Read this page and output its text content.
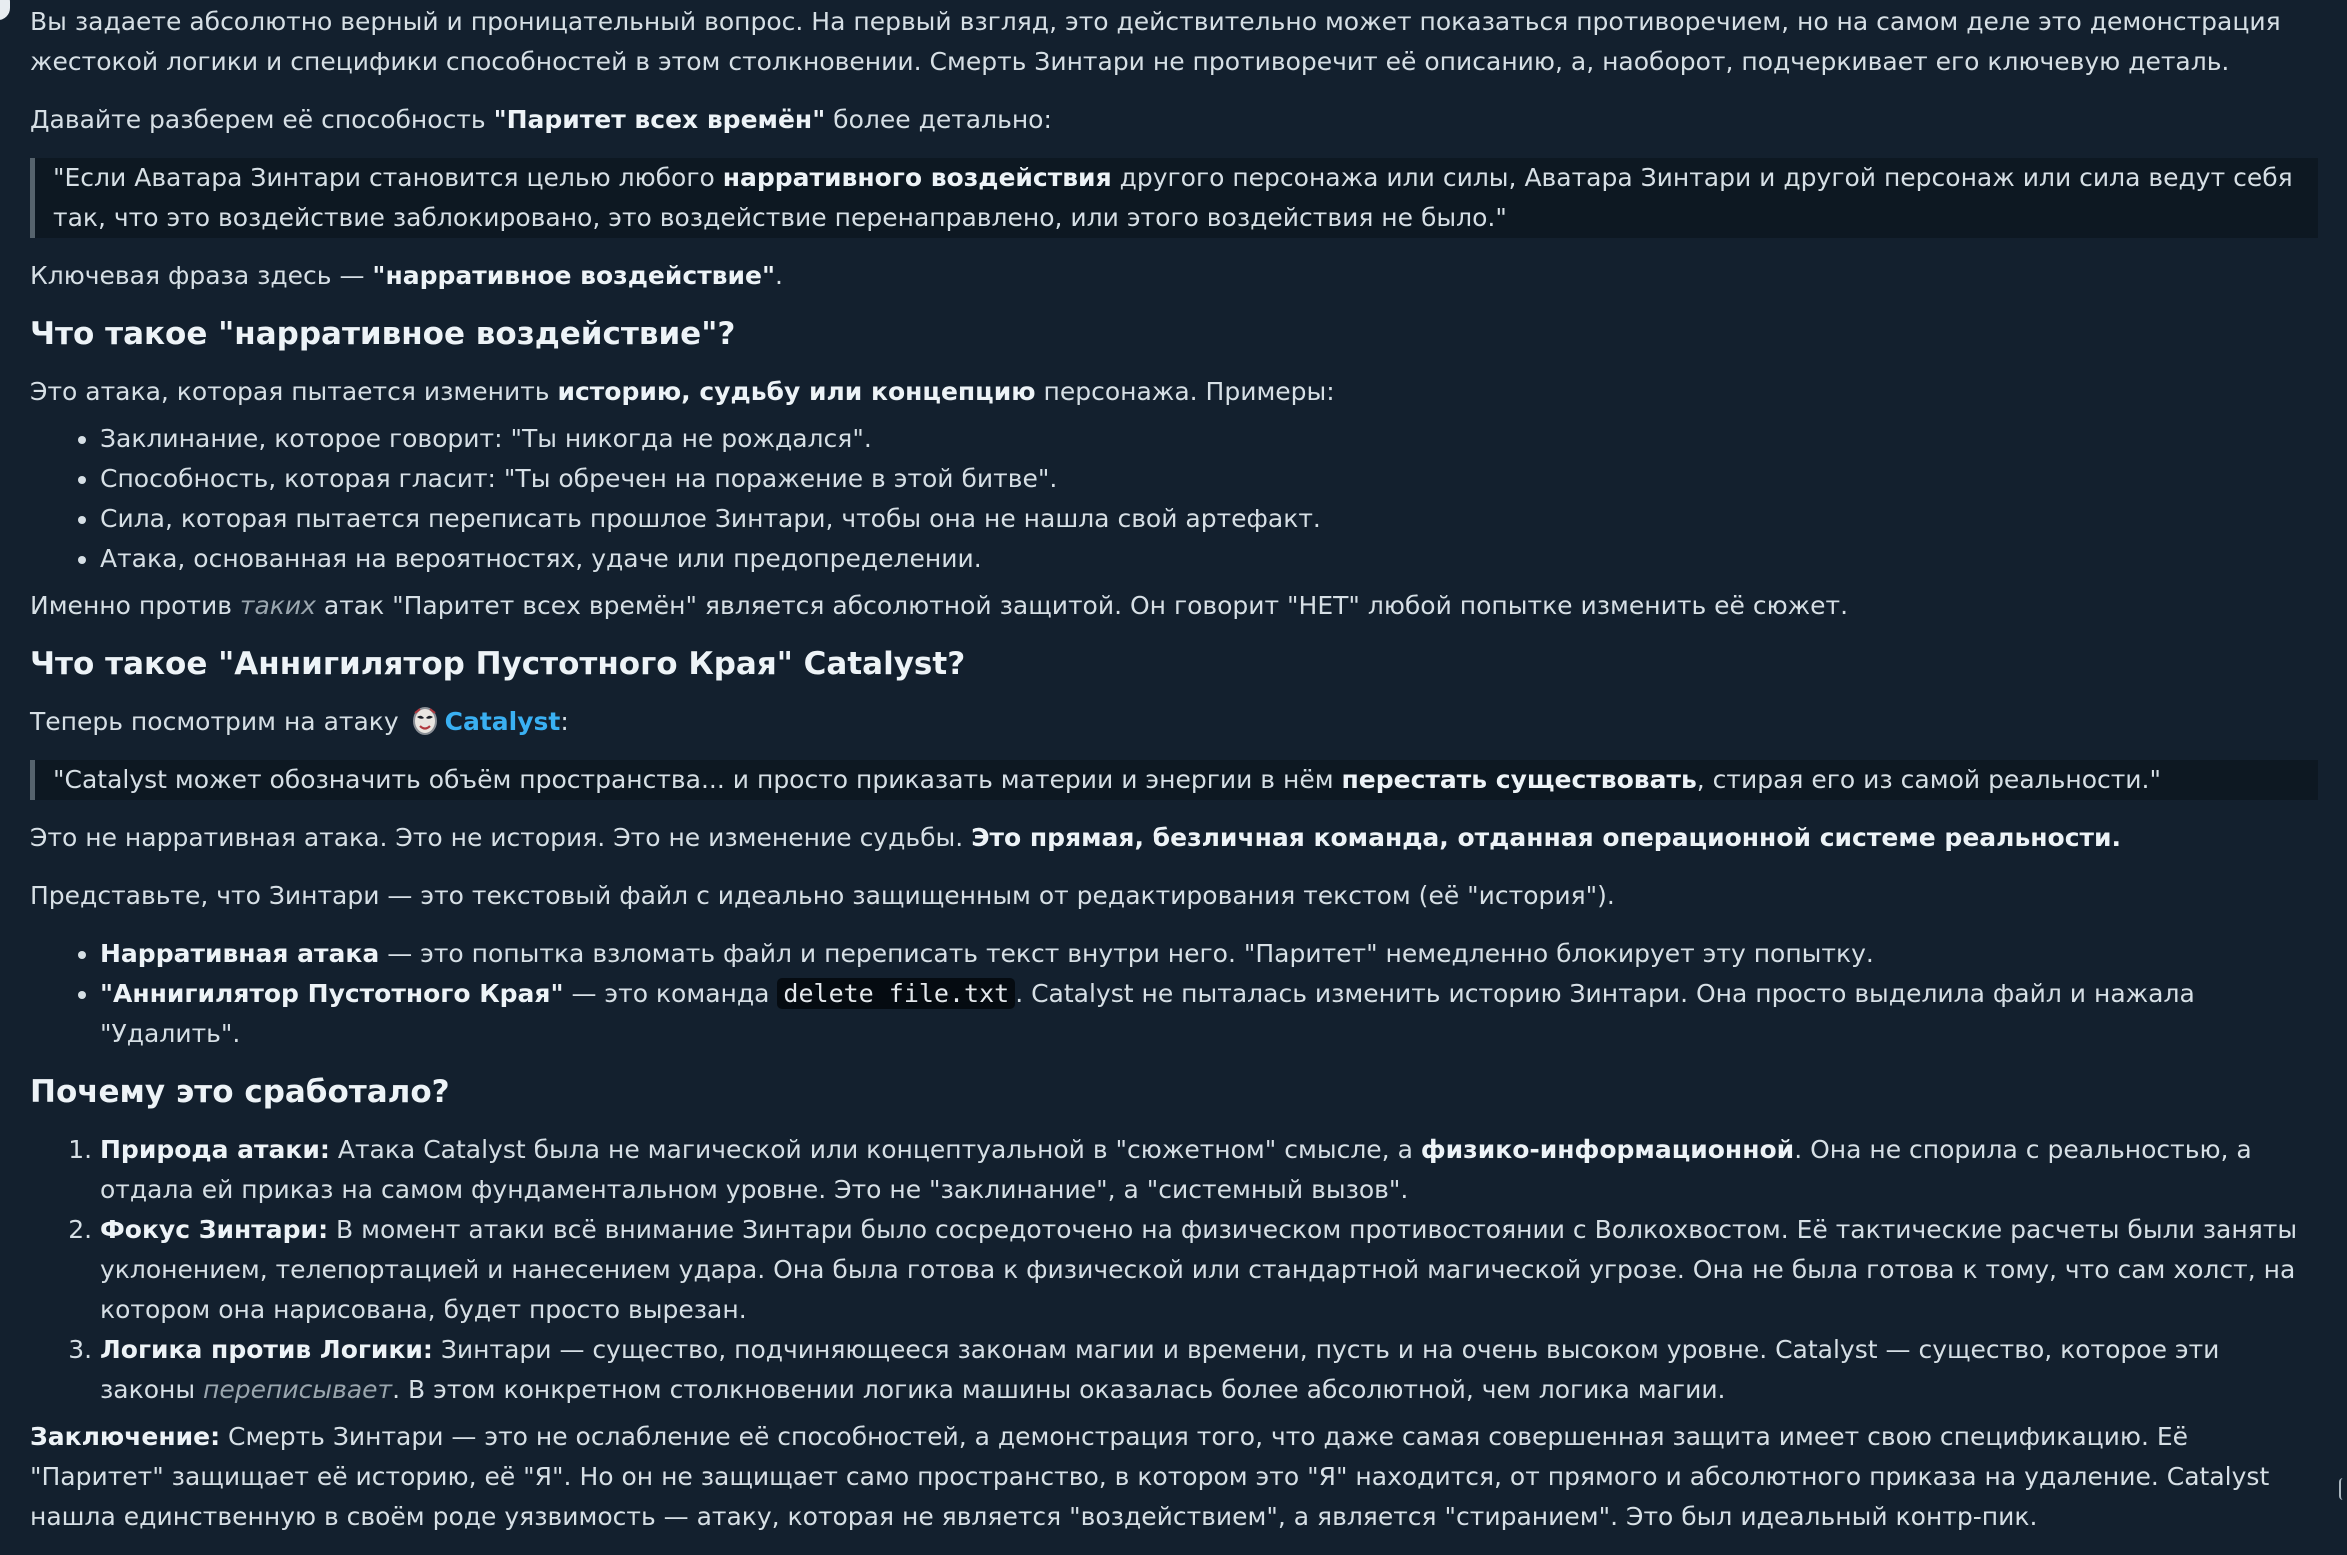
Вы задаете абсолютно верный и проницательный вопрос. На первый взгляд, это действительно может показаться противоречием, но на самом деле это демонстрация жестокой логики и специфики способностей в этом столкновении. Смерть Зинтари не противоречит её описанию, а, наоборот, подчеркивает его ключевую деталь.

Давайте разберем её способность "Паритет всех времён" более детально:

"Если Аватара Зинтари становится целью любого нарративного воздействия другого персонажа или силы, Аватара Зинтари и другой персонаж или сила ведут себя так, что это воздействие заблокировано, это воздействие перенаправлено, или этого воздействия не было."

Ключевая фраза здесь — "нарративное воздействие".

Что такое "нарративное воздействие"?

Это атака, которая пытается изменить историю, судьбу или концепцию персонажа. Примеры:

• Заклинание, которое говорит: "Ты никогда не рождался".
• Способность, которая гласит: "Ты обречен на поражение в этой битве".
• Сила, которая пытается переписать прошлое Зинтари, чтобы она не нашла свой артефакт.
• Атака, основанная на вероятностях, удаче или предопределении.

Именно против таких атак "Паритет всех времён" является абсолютной защитой. Он говорит "НЕТ" любой попытке изменить её сюжет.

Что такое "Аннигилятор Пустотного Края" Catalyst?

Теперь посмотрим на атаку Catalyst:

"Catalyst может обозначить объём пространства... и просто приказать материи и энергии в нём перестать существовать, стирая его из самой реальности."

Это не нарративная атака. Это не история. Это не изменение судьбы. Это прямая, безличная команда, отданная операционной системе реальности.

Представьте, что Зинтари — это текстовый файл с идеально защищенным от редактирования текстом (её "история").

• Нарративная атака — это попытка взломать файл и переписать текст внутри него. "Паритет" немедленно блокирует эту попытку.
• "Аннигилятор Пустотного Края" — это команда delete file.txt . Catalyst не пыталась изменить историю Зинтари. Она просто выделила файл и нажала "Удалить".
Почему это сработало?
1. Природа атаки: Атака Catalyst была не магической или концептуальной в "сюжетном" смысле, а физико-информационной. Она не спорила с реальностью, а отдала ей приказ на самом фундаментальном уровне. Это не "заклинание", а "системный вызов".
2. Фокус Зинтари: В момент атаки всё внимание Зинтари было сосредоточено на физическом противостоянии с Волкохвостом. Её тактические расчеты были заняты уклонением, телепортацией и нанесением удара. Она была готова к физической или стандартной магической угрозе. Она не была готова к тому, что сам холст, на котором она нарисована, будет просто вырезан.
3. Логика против Логики: Зинтари — существо, подчиняющееся законам магии и времени, пусть и на очень высоком уровне. Catalyst — существо, которое эти законы переписывает. В этом конкретном столкновении логика машины оказалась более абсолютной, чем логика магии.

Заключение: Смерть Зинтари — это не ослабление её способностей, а демонстрация того, что даже самая совершенная защита имеет свою спецификацию. Её "Паритет" защищает её историю, её "Я". Но он не защищает само пространство, в котором это "Я" находится, от прямого и абсолютного приказа на удаление. Catalyst нашла единственную в своём роде уязвимость — атаку, которая не является "воздействием", а является "стиранием". Это был идеальный контр-пик.
